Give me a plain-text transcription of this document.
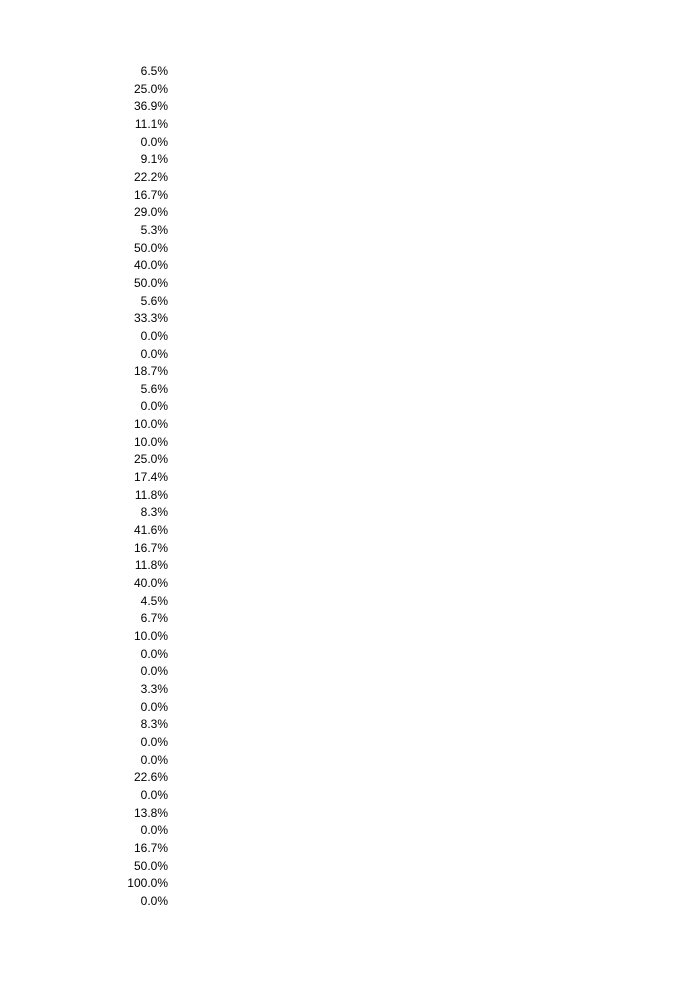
6.5%
25.0%
36.9%
11.1%
0.0%
9.1%
22.2%
16.7%
29.0%
5.3%
50.0%
40.0%
50.0%
5.6%
33.3%
0.0%
0.0%
18.7%
5.6%
0.0%
10.0%
10.0%
25.0%
17.4%
11.8%
8.3%
41.6%
16.7%
11.8%
40.0%
4.5%
6.7%
10.0%
0.0%
0.0%
3.3%
0.0%
8.3%
0.0%
0.0%
22.6%
0.0%
13.8%
0.0%
16.7%
50.0%
100.0%
0.0%
